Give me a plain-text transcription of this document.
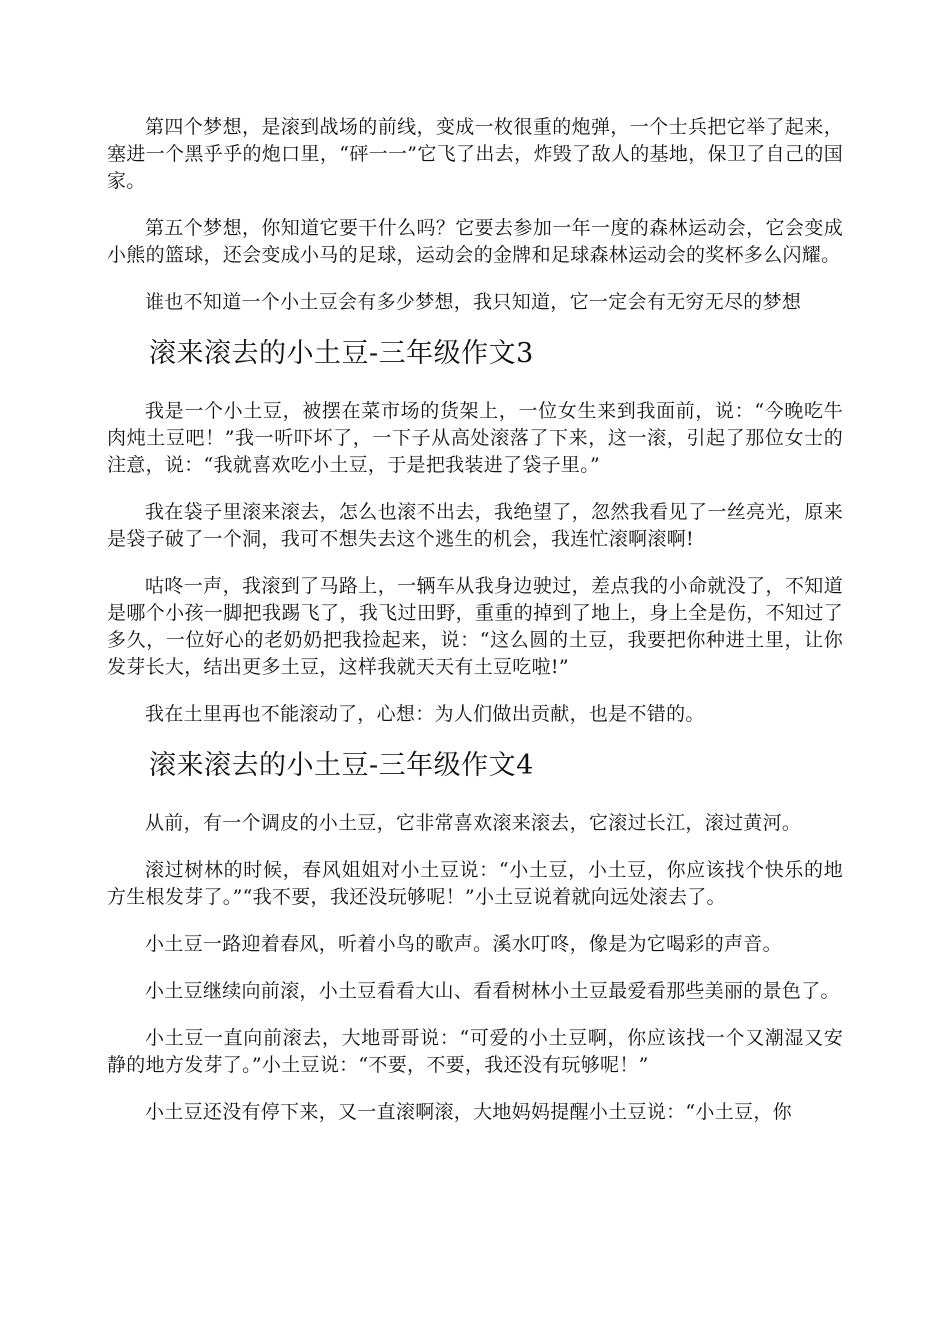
第四个梦想，是滚到战场的前线，变成一枚很重的炮弹，一个士兵把它举了起来，塞进一个黑乎乎的炮口里，“砰一一”它飞了出去，炸毁了敌人的基地，保卫了自己的国家。

第五个梦想，你知道它要干什么吗？它要去参加一年一度的森林运动会，它会变成小熊的篮球，还会变成小马的足球，运动会的金牌和足球森林运动会的奖杯多么闪耀。

谁也不知道一个小土豆会有多少梦想，我只知道，它一定会有无穷无尽的梦想

滚来滚去的小土豆-三年级作文3

我是一个小土豆，被摆在菜市场的货架上，一位女生来到我面前，说：“今晚吃牛肉炖土豆吧！”我一听吓坏了，一下子从高处滚落了下来，这一滚，引起了那位女士的注意，说：“我就喜欢吃小土豆，于是把我装进了袋子里。”

我在袋子里滚来滚去，怎么也滚不出去，我绝望了，忽然我看见了一丝亮光，原来是袋子破了一个洞，我可不想失去这个逃生的机会，我连忙滚啊滚啊!

咕咚一声，我滚到了马路上，一辆车从我身边驶过，差点我的小命就没了，不知道是哪个小孩一脚把我踢飞了，我飞过田野，重重的掉到了地上，身上全是伤，不知过了多久，一位好心的老奶奶把我捡起来，说：“这么圆的土豆，我要把你种进土里，让你发芽长大，结出更多土豆，这样我就天天有土豆吃啦!”

我在土里再也不能滚动了，心想：为人们做出贡献，也是不错的。

滚来滚去的小土豆-三年级作文4

从前，有一个调皮的小土豆，它非常喜欢滚来滚去，它滚过长江，滚过黄河。

滚过树林的时候，春风姐姐对小土豆说：“小土豆，小土豆，你应该找个快乐的地方生根发芽了。”“我不要，我还没玩够呢！”小土豆说着就向远处滚去了。

小土豆一路迎着春风，听着小鸟的歌声。溪水叮咚，像是为它喝彩的声音。

小土豆继续向前滚，小土豆看看大山、看看树林小土豆最爱看那些美丽的景色了。

小土豆一直向前滚去，大地哥哥说：“可爱的小土豆啊，你应该找一个又潮湿又安静的地方发芽了。”小土豆说：“不要，不要，我还没有玩够呢！”

小土豆还没有停下来，又一直滚啊滚，大地妈妈提醒小土豆说：“小土豆，你
